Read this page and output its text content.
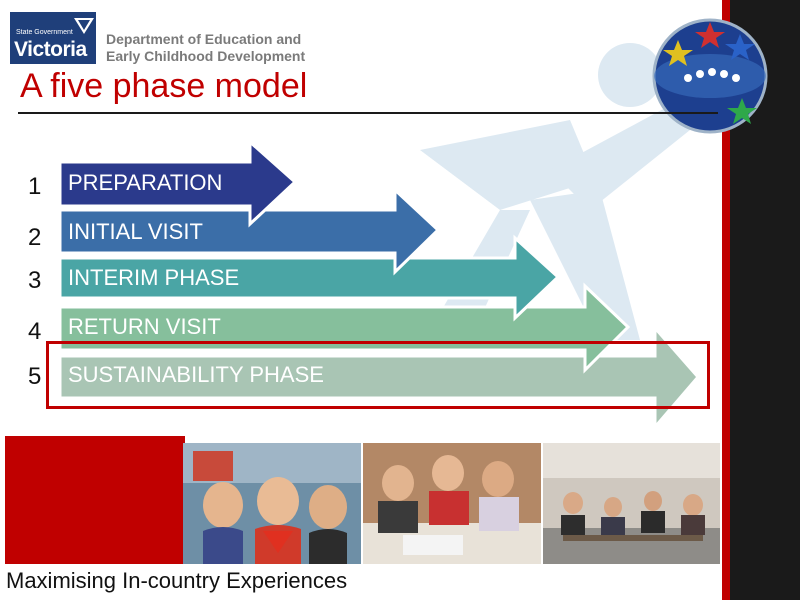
State Government
Victoria Department of Education and
Early Childhood Development
A five phase model
1 PREPARATION
2 INITIAL VISIT
3 INTERIM PHASE
4 RETURN VISIT
5 SUSTAINABILITY PHASE
Maximising In-country Experiences
